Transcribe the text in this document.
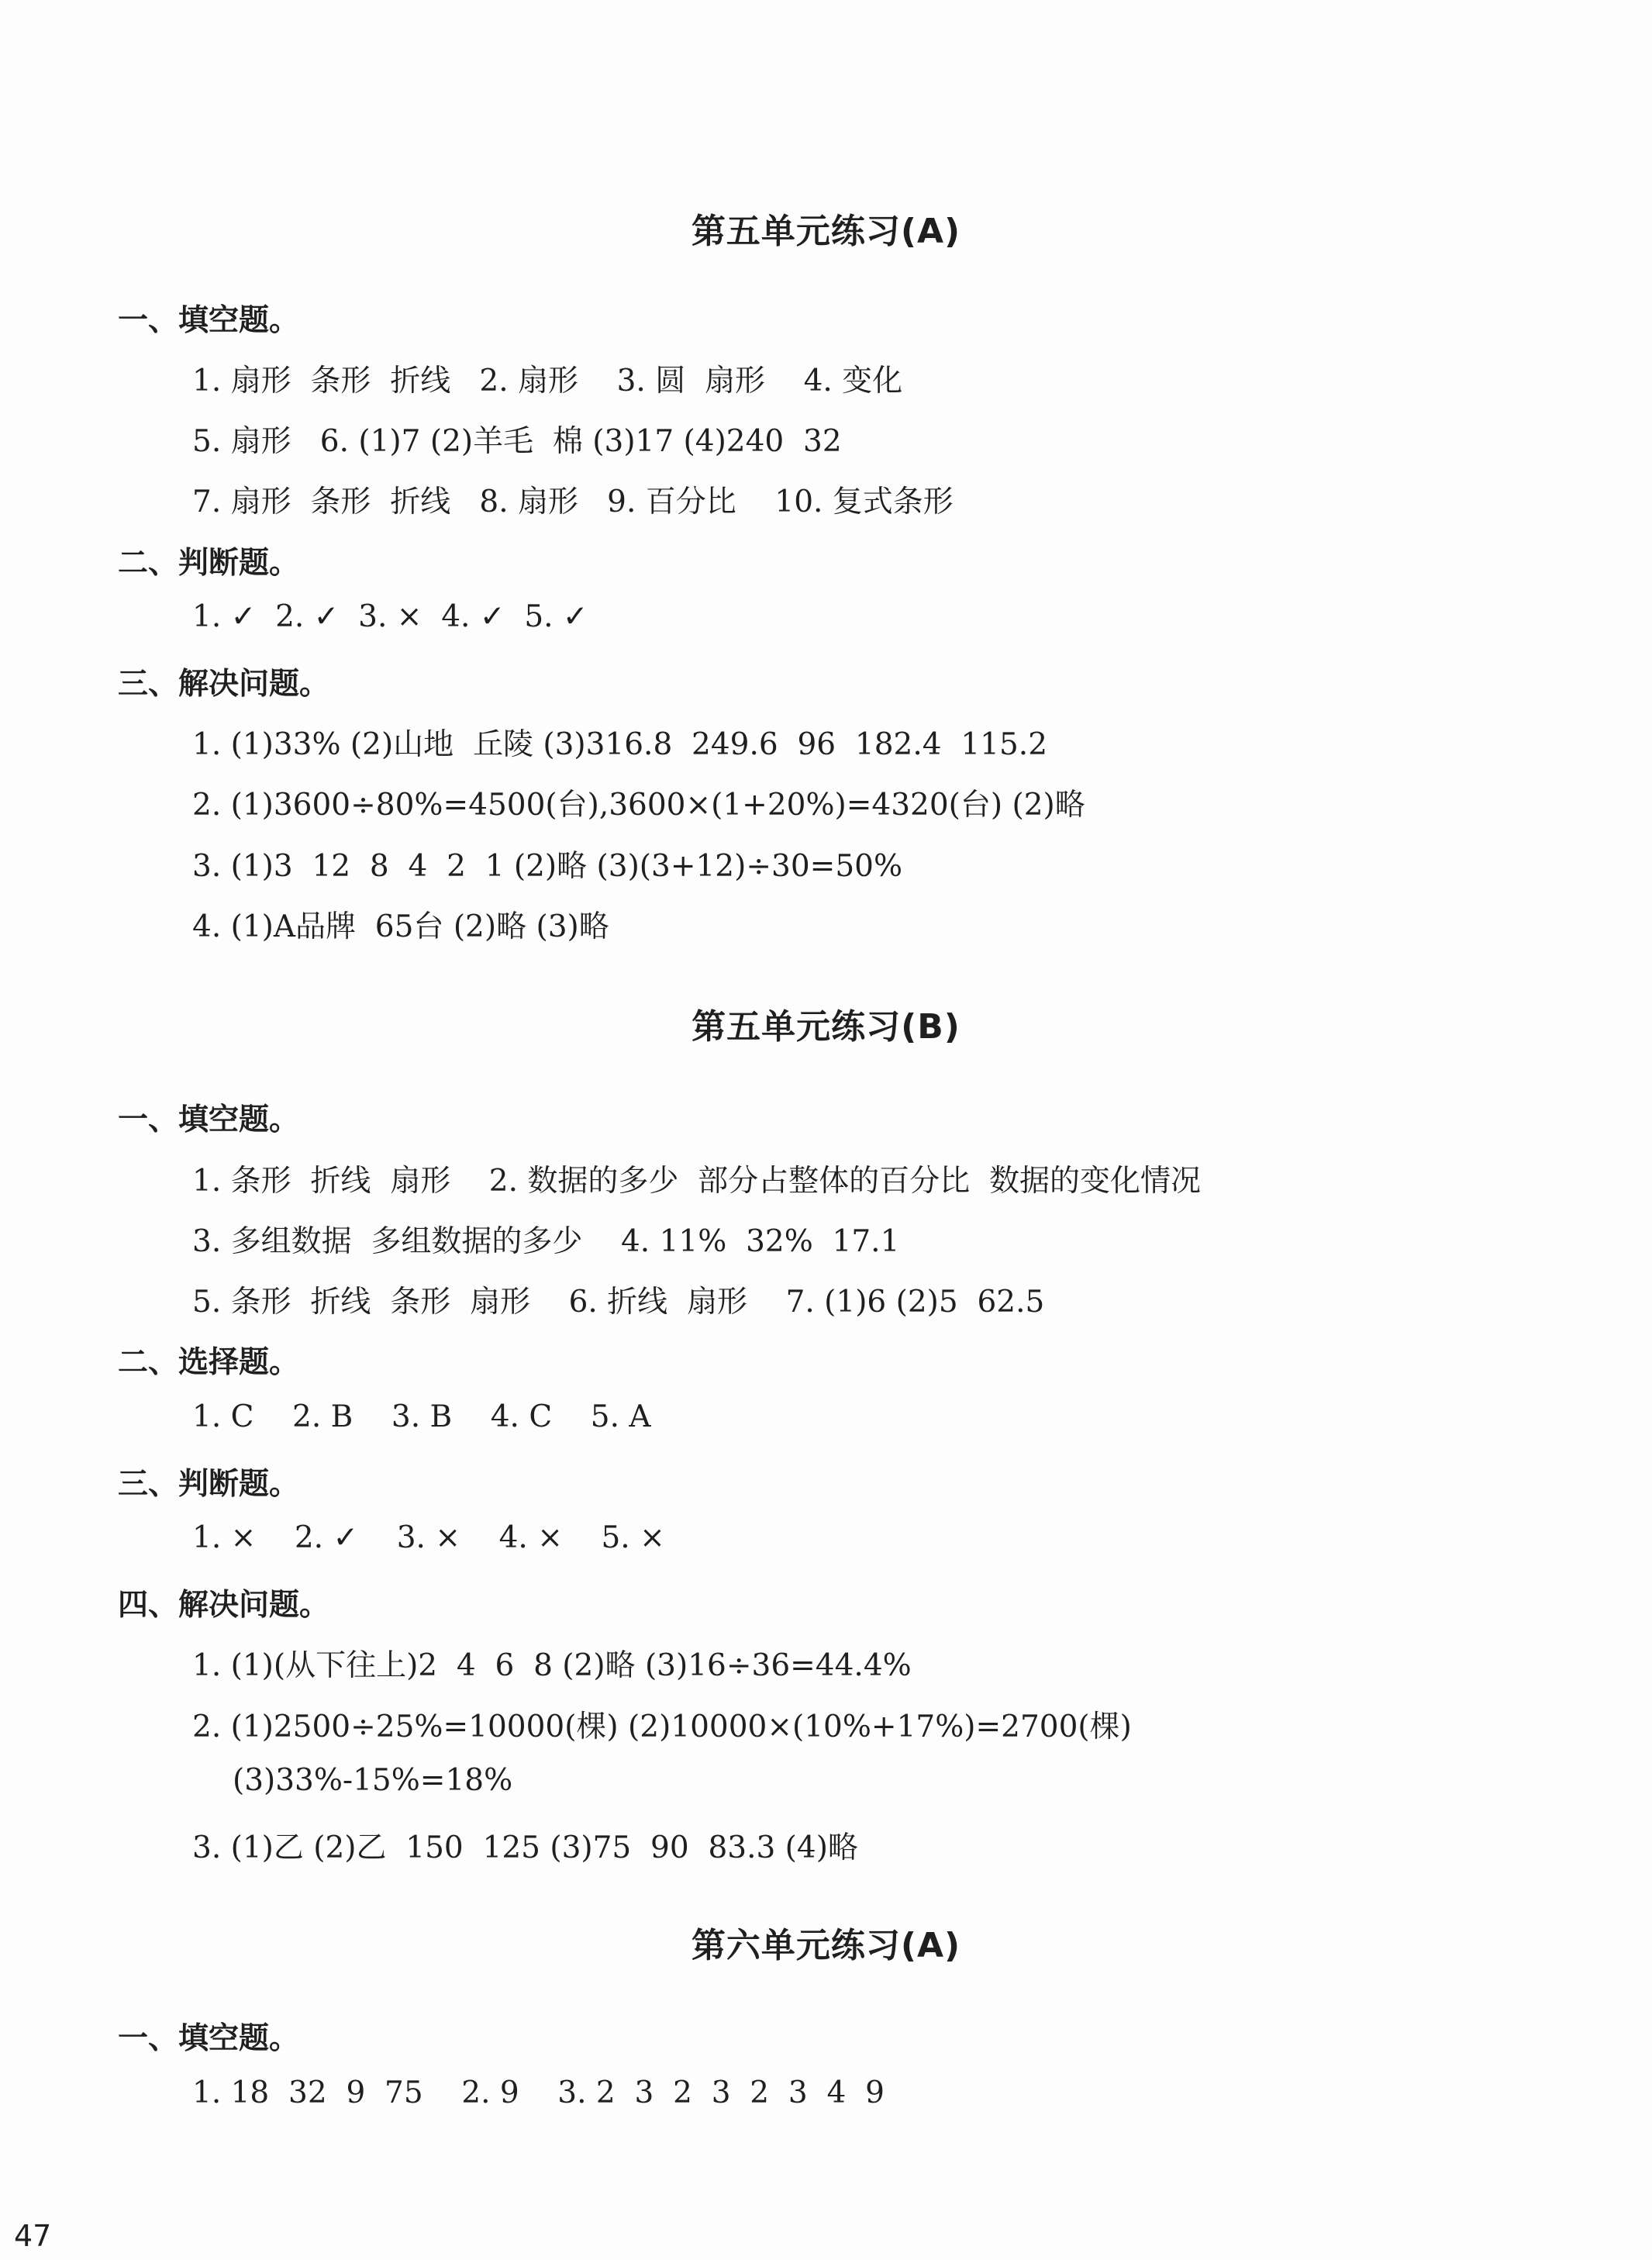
第五单元练习(A)
一、填空题。

1. 扇形  条形  折线   2. 扇形    3. 圆  扇形    4. 变化

5. 扇形   6. (1)7 (2)羊毛  棉 (3)17 (4)240  32

7. 扇形  条形  折线   8. 扇形   9. 百分比    10. 复式条形

二、判断题。

1. ✓  2. ✓  3. ×  4. ✓  5. ✓

三、解决问题。

1. (1)33% (2)山地  丘陵 (3)316.8  249.6  96  182.4  115.2

2. (1)3600÷80%=4500(台),3600×(1+20%)=4320(台) (2)略

3. (1)3  12  8  4  2  1 (2)略 (3)(3+12)÷30=50%

4. (1)A品牌  65台 (2)略 (3)略

第五单元练习(B)
一、填空题。

1. 条形  折线  扇形    2. 数据的多少  部分占整体的百分比  数据的变化情况

3. 多组数据  多组数据的多少    4. 11%  32%  17.1

5. 条形  折线  条形  扇形    6. 折线  扇形    7. (1)6 (2)5  62.5

二、选择题。

1. C    2. B    3. B    4. C    5. A

三、判断题。

1. ×    2. ✓    3. ×    4. ×    5. ×

四、解决问题。

1. (1)(从下往上)2  4  6  8 (2)略 (3)16÷36=44.4%

2. (1)2500÷25%=10000(棵) (2)10000×(10%+17%)=2700(棵)

(3)33%-15%=18%

3. (1)乙 (2)乙  150  125 (3)75  90  83.3 (4)略

第六单元练习(A)
一、填空题。

1. 18  32  9  75    2. 9    3. 2  3  2  3  2  3  4  9

47
